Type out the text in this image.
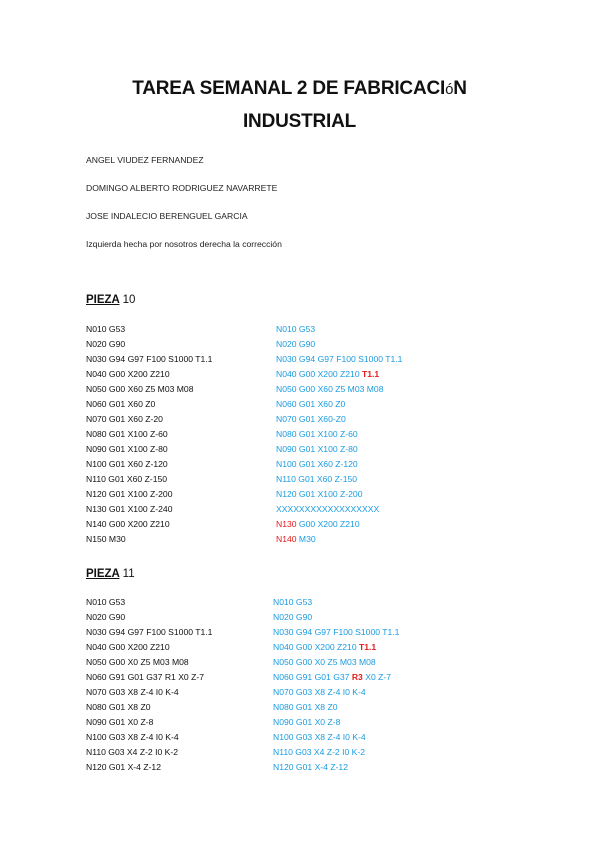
TAREA SEMANAL 2 DE FABRICACIóN
INDUSTRIAL
ANGEL VIUDEZ FERNANDEZ
DOMINGO ALBERTO RODRIGUEZ NAVARRETE
JOSE INDALECIO BERENGUEL GARCIA
Izquierda hecha por nosotros derecha la corrección
PIEZA 10
N010 G53	N010 G53
N020 G90	N020 G90
N030 G94 G97 F100 S1000 T1.1	N030 G94 G97 F100 S1000 T1.1
N040 G00 X200 Z210	N040 G00 X200 Z210 T1.1
N050 G00 X60 Z5 M03 M08	N050 G00 X60 Z5 M03 M08
N060 G01 X60 Z0	N060 G01 X60 Z0
N070 G01 X60 Z-20	N070 G01 X60-Z0
N080 G01 X100 Z-60	N080 G01 X100 Z-60
N090 G01 X100 Z-80	N090 G01 X100 Z-80
N100 G01 X60 Z-120	N100 G01 X60 Z-120
N110 G01 X60 Z-150	N110 G01 X60 Z-150
N120 G01 X100 Z-200	N120 G01 X100 Z-200
N130 G01 X100 Z-240	XXXXXXXXXXXXXXXXXX
N140 G00 X200 Z210	N130 G00 X200 Z210
N150 M30	N140 M30
PIEZA 11
N010 G53	N010 G53
N020 G90	N020 G90
N030 G94 G97 F100 S1000 T1.1	N030 G94 G97 F100 S1000 T1.1
N040 G00 X200 Z210	N040 G00 X200 Z210 T1.1
N050 G00 X0 Z5 M03 M08	N050 G00 X0 Z5 M03 M08
N060 G91 G01 G37 R1 X0 Z-7	N060 G91 G01 G37 R3 X0 Z-7
N070 G03 X8 Z-4 I0 K-4	N070 G03 X8 Z-4 I0 K-4
N080 G01 X8 Z0	N080 G01 X8 Z0
N090 G01 X0 Z-8	N090 G01 X0 Z-8
N100 G03 X8 Z-4 I0 K-4	N100 G03 X8 Z-4 I0 K-4
N110 G03 X4 Z-2 I0 K-2	N110 G03 X4 Z-2 I0 K-2
N120 G01 X-4 Z-12	N120 G01 X-4 Z-12
